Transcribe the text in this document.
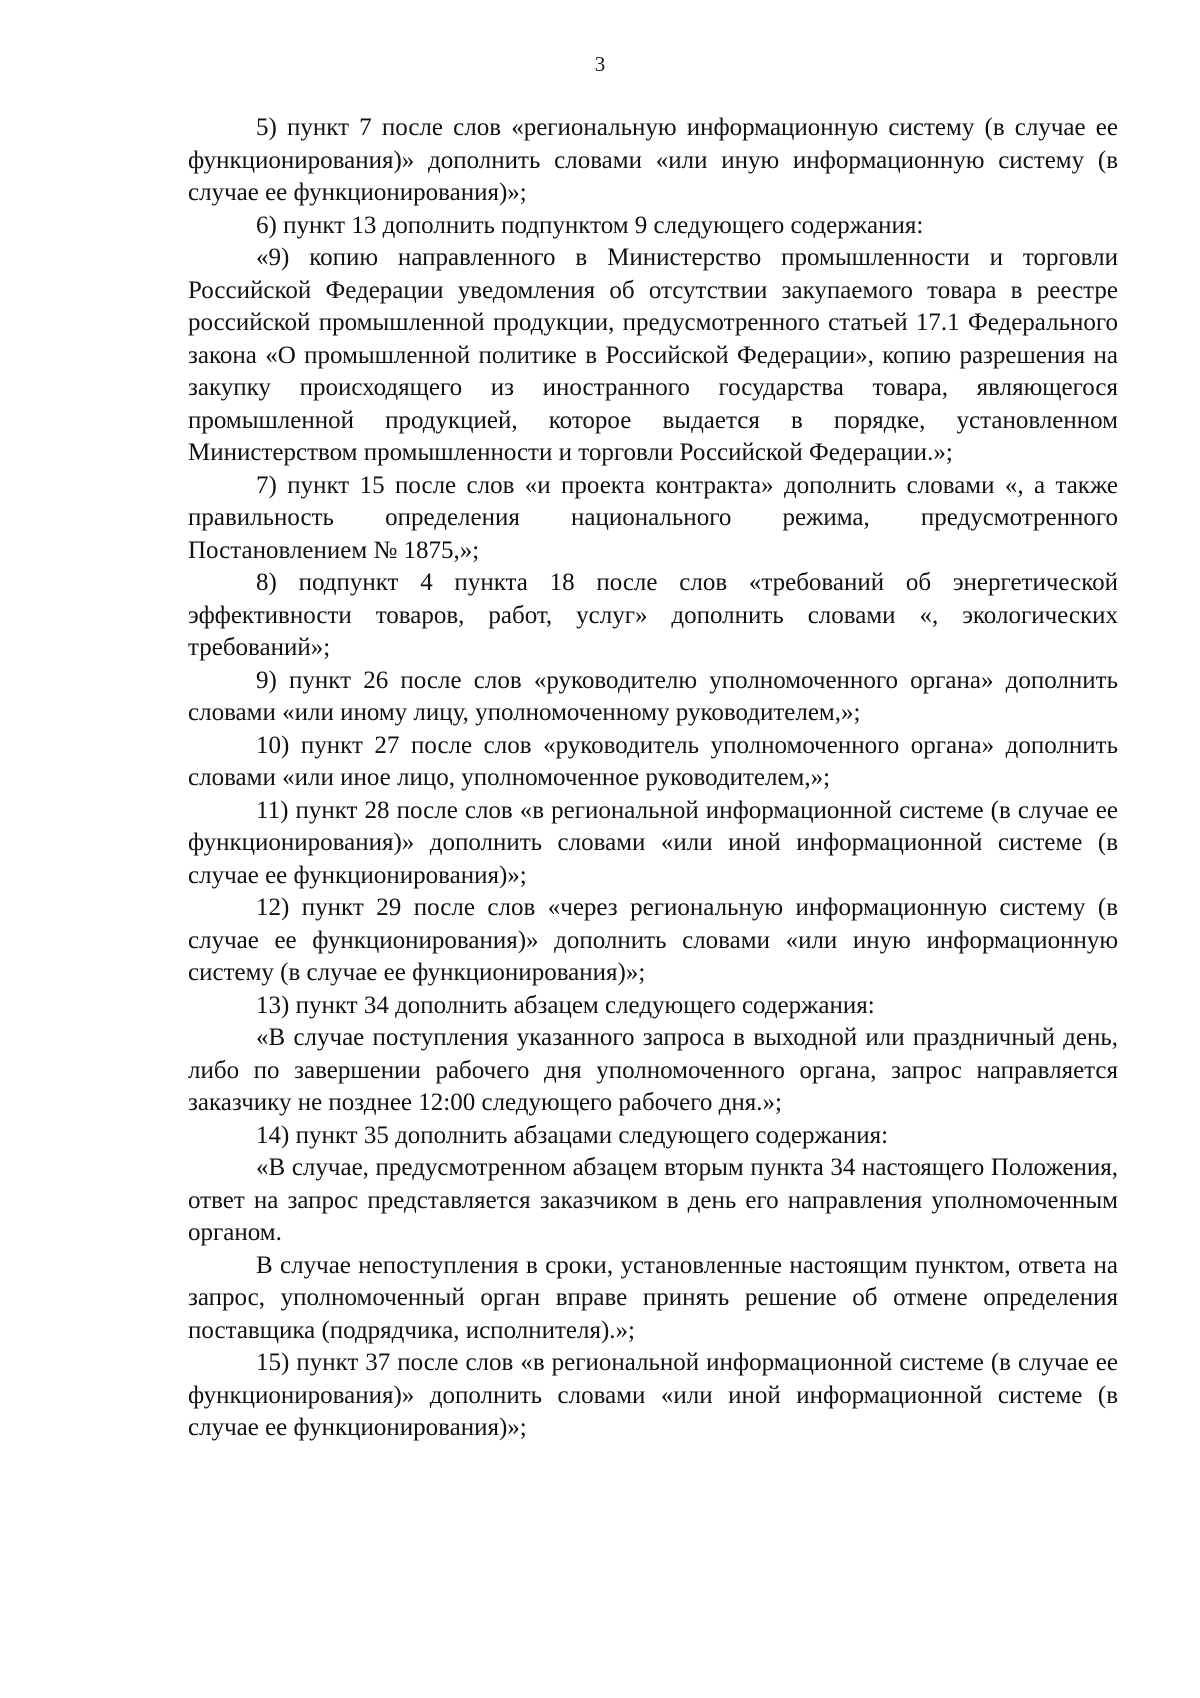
3

5) пункт 7 после слов «региональную информационную систему (в случае ее функционирования)» дополнить словами «или иную информационную систему (в случае ее функционирования)»;

6) пункт 13 дополнить подпунктом 9 следующего содержания:

«9) копию направленного в Министерство промышленности и торговли Российской Федерации уведомления об отсутствии закупаемого товара в реестре российской промышленной продукции, предусмотренного статьей 17.1 Федерального закона «О промышленной политике в Российской Федерации», копию разрешения на закупку происходящего из иностранного государства товара, являющегося промышленной продукцией, которое выдается в порядке, установленном Министерством промышленности и торговли Российской Федерации.»;

7) пункт 15 после слов «и проекта контракта» дополнить словами «, а также правильность определения национального режима, предусмотренного Постановлением № 1875,»;

8) подпункт 4 пункта 18 после слов «требований об энергетической эффективности товаров, работ, услуг» дополнить словами «, экологических требований»;

9) пункт 26 после слов «руководителю уполномоченного органа» дополнить словами «или иному лицу, уполномоченному руководителем,»;

10) пункт 27 после слов «руководитель уполномоченного органа» дополнить словами «или иное лицо, уполномоченное руководителем,»;

11) пункт 28 после слов «в региональной информационной системе (в случае ее функционирования)» дополнить словами «или иной информационной системе (в случае ее функционирования)»;

12) пункт 29 после слов «через региональную информационную систему (в случае ее функционирования)» дополнить словами «или иную информационную систему (в случае ее функционирования)»;

13) пункт 34 дополнить абзацем следующего содержания:

«В случае поступления указанного запроса в выходной или праздничный день, либо по завершении рабочего дня уполномоченного органа, запрос направляется заказчику не позднее 12:00 следующего рабочего дня.»;

14) пункт 35 дополнить абзацами следующего содержания:

«В случае, предусмотренном абзацем вторым пункта 34 настоящего Положения, ответ на запрос представляется заказчиком в день его направления уполномоченным органом.

В случае непоступления в сроки, установленные настоящим пунктом, ответа на запрос, уполномоченный орган вправе принять решение об отмене определения поставщика (подрядчика, исполнителя).»;

15) пункт 37 после слов «в региональной информационной системе (в случае ее функционирования)» дополнить словами «или иной информационной системе (в случае ее функционирования)»;
